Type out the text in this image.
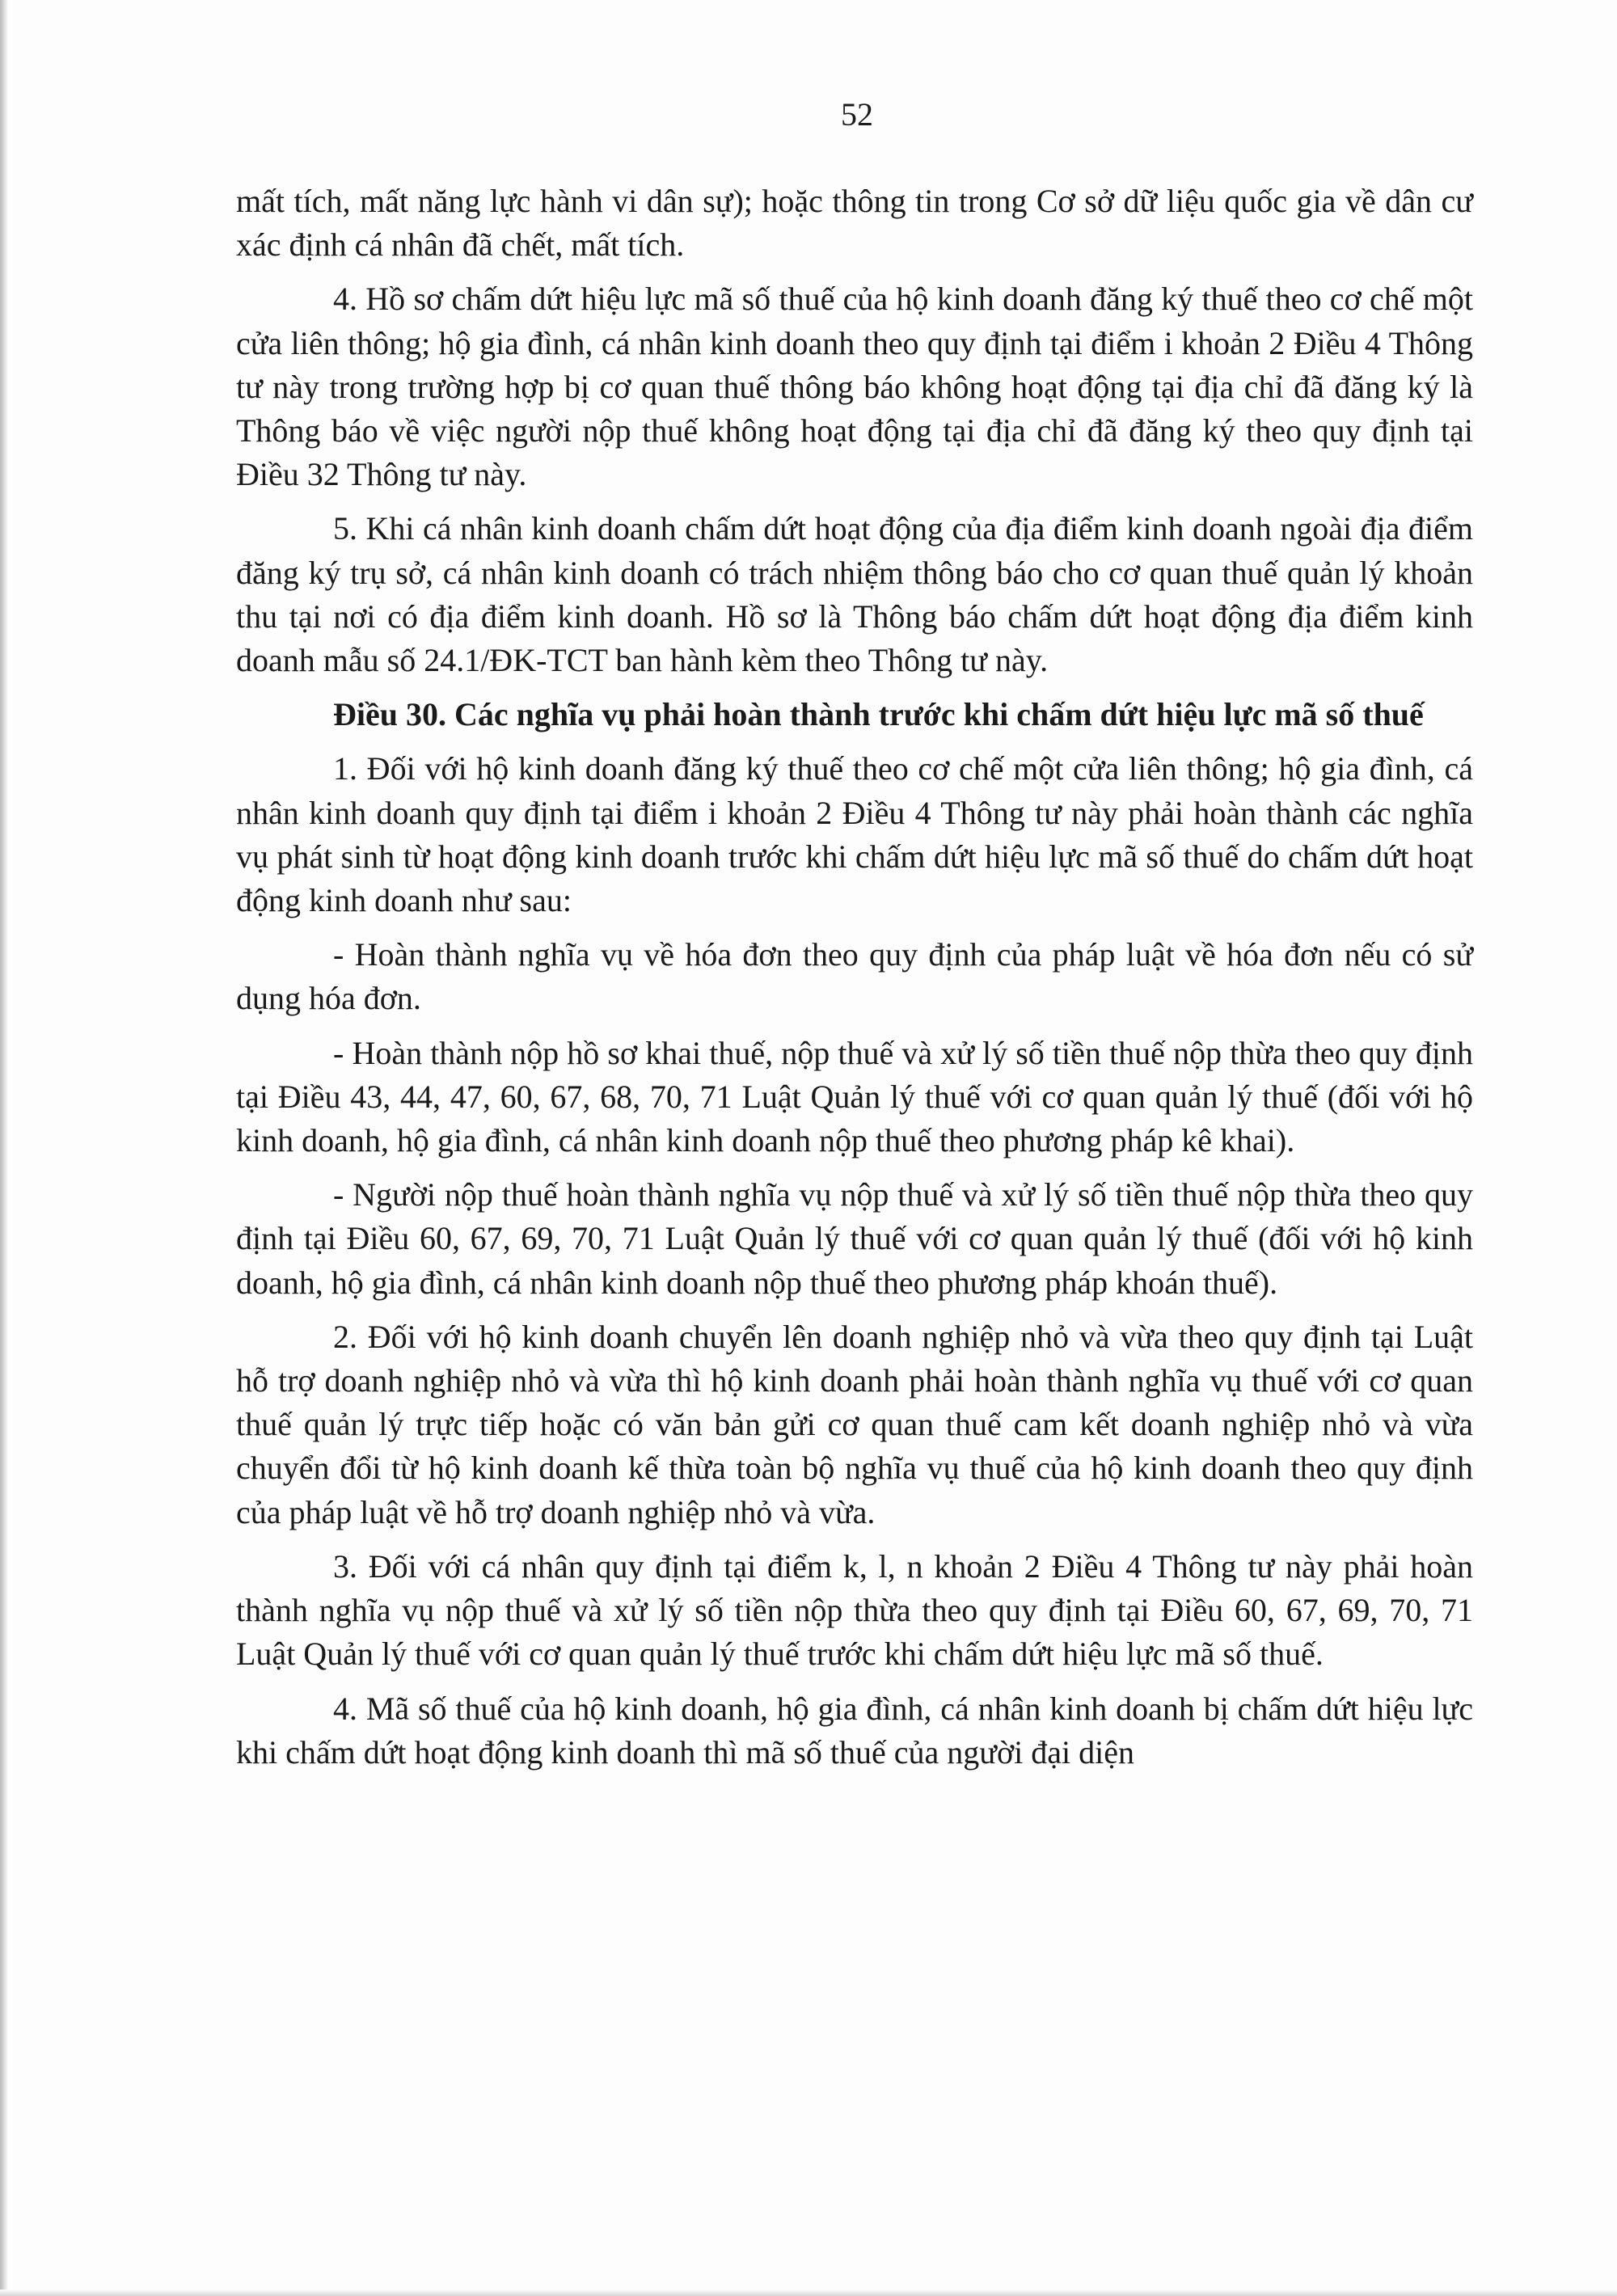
52

mất tích, mất năng lực hành vi dân sự); hoặc thông tin trong Cơ sở dữ liệu quốc gia về dân cư xác định cá nhân đã chết, mất tích.

4. Hồ sơ chấm dứt hiệu lực mã số thuế của hộ kinh doanh đăng ký thuế theo cơ chế một cửa liên thông; hộ gia đình, cá nhân kinh doanh theo quy định tại điểm i khoản 2 Điều 4 Thông tư này trong trường hợp bị cơ quan thuế thông báo không hoạt động tại địa chỉ đã đăng ký là Thông báo về việc người nộp thuế không hoạt động tại địa chỉ đã đăng ký theo quy định tại Điều 32 Thông tư này.

5. Khi cá nhân kinh doanh chấm dứt hoạt động của địa điểm kinh doanh ngoài địa điểm đăng ký trụ sở, cá nhân kinh doanh có trách nhiệm thông báo cho cơ quan thuế quản lý khoản thu tại nơi có địa điểm kinh doanh. Hồ sơ là Thông báo chấm dứt hoạt động địa điểm kinh doanh mẫu số 24.1/ĐK-TCT ban hành kèm theo Thông tư này.

Điều 30. Các nghĩa vụ phải hoàn thành trước khi chấm dứt hiệu lực mã số thuế

1. Đối với hộ kinh doanh đăng ký thuế theo cơ chế một cửa liên thông; hộ gia đình, cá nhân kinh doanh quy định tại điểm i khoản 2 Điều 4 Thông tư này phải hoàn thành các nghĩa vụ phát sinh từ hoạt động kinh doanh trước khi chấm dứt hiệu lực mã số thuế do chấm dứt hoạt động kinh doanh như sau:

- Hoàn thành nghĩa vụ về hóa đơn theo quy định của pháp luật về hóa đơn nếu có sử dụng hóa đơn.

- Hoàn thành nộp hồ sơ khai thuế, nộp thuế và xử lý số tiền thuế nộp thừa theo quy định tại Điều 43, 44, 47, 60, 67, 68, 70, 71 Luật Quản lý thuế với cơ quan quản lý thuế (đối với hộ kinh doanh, hộ gia đình, cá nhân kinh doanh nộp thuế theo phương pháp kê khai).

- Người nộp thuế hoàn thành nghĩa vụ nộp thuế và xử lý số tiền thuế nộp thừa theo quy định tại Điều 60, 67, 69, 70, 71 Luật Quản lý thuế với cơ quan quản lý thuế (đối với hộ kinh doanh, hộ gia đình, cá nhân kinh doanh nộp thuế theo phương pháp khoán thuế).

2. Đối với hộ kinh doanh chuyển lên doanh nghiệp nhỏ và vừa theo quy định tại Luật hỗ trợ doanh nghiệp nhỏ và vừa thì hộ kinh doanh phải hoàn thành nghĩa vụ thuế với cơ quan thuế quản lý trực tiếp hoặc có văn bản gửi cơ quan thuế cam kết doanh nghiệp nhỏ và vừa chuyển đổi từ hộ kinh doanh kế thừa toàn bộ nghĩa vụ thuế của hộ kinh doanh theo quy định của pháp luật về hỗ trợ doanh nghiệp nhỏ và vừa.

3. Đối với cá nhân quy định tại điểm k, l, n khoản 2 Điều 4 Thông tư này phải hoàn thành nghĩa vụ nộp thuế và xử lý số tiền nộp thừa theo quy định tại Điều 60, 67, 69, 70, 71 Luật Quản lý thuế với cơ quan quản lý thuế trước khi chấm dứt hiệu lực mã số thuế.

4. Mã số thuế của hộ kinh doanh, hộ gia đình, cá nhân kinh doanh bị chấm dứt hiệu lực khi chấm dứt hoạt động kinh doanh thì mã số thuế của người đại diện
